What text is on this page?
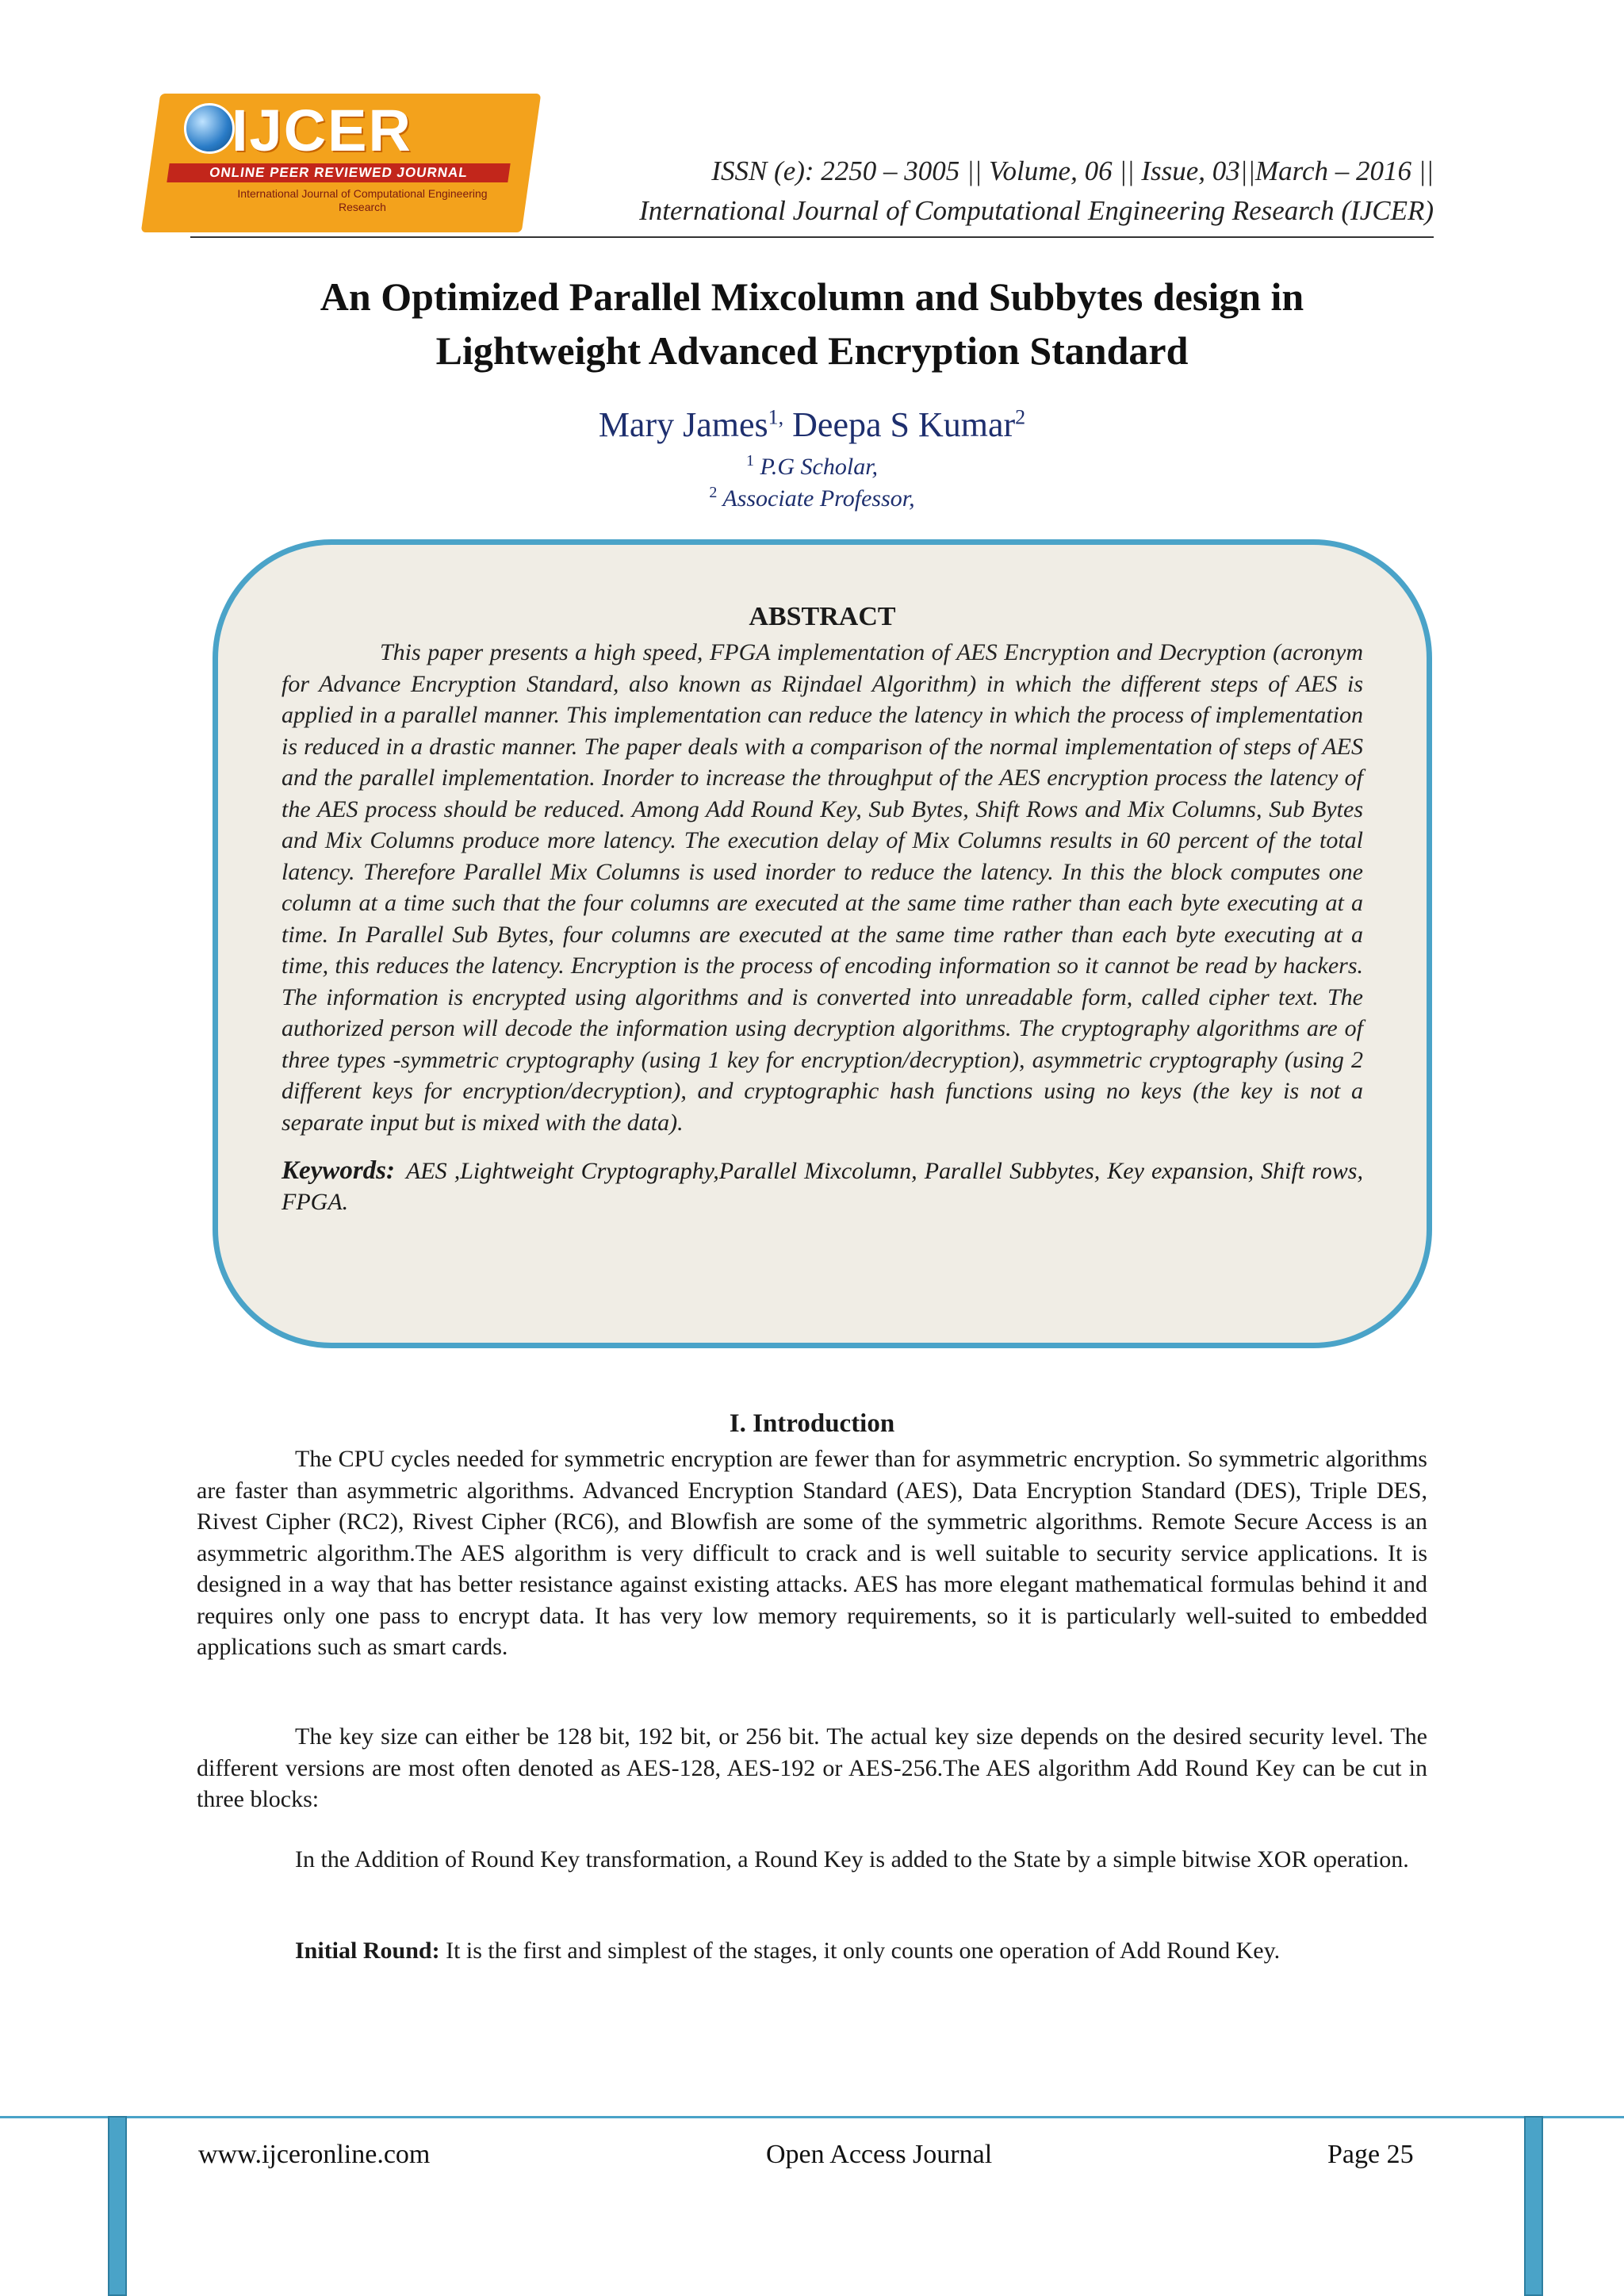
IJCER
ONLINE PEER REVIEWED JOURNAL
International Journal of Computational Engineering Research
ISSN (e): 2250 – 3005 || Volume, 06 || Issue, 03||March – 2016 ||
International Journal of Computational Engineering Research (IJCER)
An Optimized Parallel Mixcolumn and Subbytes design in
Lightweight Advanced Encryption Standard
Mary James$^{1,}$ Deepa S Kumar$^2$
$^1$ P.G Scholar,
$^2$ Associate Professor,
ABSTRACT

This paper presents a high speed, FPGA implementation of AES Encryption and Decryption (acronym for Advance Encryption Standard, also known as Rijndael Algorithm) in which the different steps of AES is applied in a parallel manner. This implementation can reduce the latency in which the process of implementation is reduced in a drastic manner. The paper deals with a comparison of the normal implementation of steps of AES and the parallel implementation. Inorder to increase the throughput of the AES encryption process the latency of the AES process should be reduced. Among Add Round Key, Sub Bytes, Shift Rows and Mix Columns, Sub Bytes and Mix Columns produce more latency. The execution delay of Mix Columns results in 60 percent of the total latency. Therefore Parallel Mix Columns is used inorder to reduce the latency. In this the block computes one column at a time such that the four columns are executed at the same time rather than each byte executing at a time. In Parallel Sub Bytes, four columns are executed at the same time rather than each byte executing at a time, this reduces the latency. Encryption is the process of encoding information so it cannot be read by hackers. The information is encrypted using algorithms and is converted into unreadable form, called cipher text. The authorized person will decode the information using decryption algorithms. The cryptography algorithms are of three types -symmetric cryptography (using 1 key for encryption/decryption), asymmetric cryptography (using 2 different keys for encryption/decryption), and cryptographic hash functions using no keys (the key is not a separate input but is mixed with the data).

Keywords: AES ,Lightweight Cryptography,Parallel Mixcolumn, Parallel Subbytes, Key expansion, Shift rows, FPGA.

I. Introduction

The CPU cycles needed for symmetric encryption are fewer than for asymmetric encryption. So symmetric algorithms are faster than asymmetric algorithms. Advanced Encryption Standard (AES), Data Encryption Standard (DES), Triple DES, Rivest Cipher (RC2), Rivest Cipher (RC6), and Blowfish are some of the symmetric algorithms. Remote Secure Access is an asymmetric algorithm.The AES algorithm is very difficult to crack and is well suitable to security service applications. It is designed in a way that has better resistance against existing attacks. AES has more elegant mathematical formulas behind it and requires only one pass to encrypt data. It has very low memory requirements, so it is particularly well-suited to embedded applications such as smart cards.

The key size can either be 128 bit, 192 bit, or 256 bit. The actual key size depends on the desired security level. The different versions are most often denoted as AES-128, AES-192 or AES-256.The AES algorithm Add Round Key can be cut in three blocks:

In the Addition of Round Key transformation, a Round Key is added to the State by a simple bitwise XOR operation.

Initial Round: It is the first and simplest of the stages, it only counts one operation of Add Round Key.

www.ijceronline.com	Open Access Journal	Page 25
